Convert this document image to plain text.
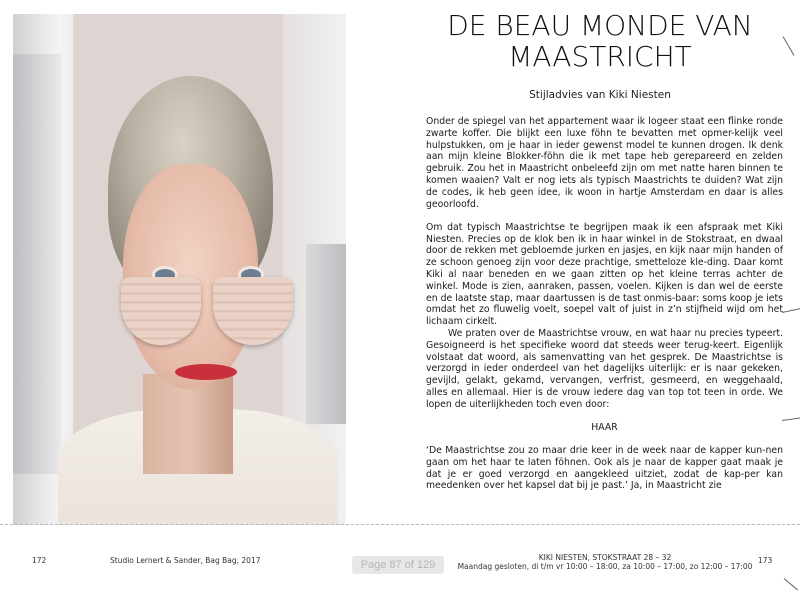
DE BEAU MONDE VAN
MAASTRICHT
Stijladvies van Kiki Niesten

Onder de spiegel van het appartement waar ik logeer staat een flinke ronde zwarte koffer. Die blijkt een luxe föhn te bevatten met opmer-kelijk veel hulpstukken, om je haar in ieder gewenst model te kunnen drogen. Ik denk aan mijn kleine Blokker-föhn die ik met tape heb gerepareerd en zelden gebruik. Zou het in Maastricht onbeleefd zijn om met natte haren binnen te komen waaien? Valt er nog iets als typisch Maastrichts te duiden? Wat zijn de codes, ik heb geen idee, ik woon in hartje Amsterdam en daar is alles geoorloofd.

Om dat typisch Maastrichtse te begrijpen maak ik een afspraak met Kiki Niesten. Precies op de klok ben ik in haar winkel in de Stokstraat, en dwaal door de rekken met gebloemde jurken en jasjes, en kijk naar mijn handen of ze schoon genoeg zijn voor deze prachtige, smetteloze kle-ding. Daar komt Kiki al naar beneden en we gaan zitten op het kleine terras achter de winkel. Mode is zien, aanraken, passen, voelen. Kijken is dan wel de eerste en de laatste stap, maar daartussen is de tast onmis-baar: soms koop je iets omdat het zo fluwelig voelt, soepel valt of juist in z’n stijfheid wijd om het lichaam cirkelt.

We praten over de Maastrichtse vrouw, en wat haar nu precies typeert. Gesoigneerd is het specifieke woord dat steeds weer terug-keert. Eigenlijk volstaat dat woord, als samenvatting van het gesprek. De Maastrichtse is verzorgd in ieder onderdeel van het dagelijks uiterlijk: er is naar gekeken, gevijld, gelakt, gekamd, vervangen, verfrist, gesmeerd, en weggehaald, alles en allemaal. Hier is de vrouw iedere dag van top tot teen in orde. We lopen de uiterlijkheden toch even door:

HAAR

‘De Maastrichtse zou zo maar drie keer in de week naar de kapper kun-nen gaan om het haar te laten föhnen. Ook als je naar de kapper gaat maak je dat je er goed verzorgd en aangekleed uitziet, zodat de kap-per kan meedenken over het kapsel dat bij je past.’ Ja, in Maastricht zie

172	Studio Lernert & Sander, Bag Bag, 2017	Page 87 of 129
KIKI NIESTEN, STOKSTRAAT 28 – 32
Maandag gesloten, di t/m vr 10:00 – 18:00, za 10:00 – 17:00, zo 12:00 – 17:00
173
